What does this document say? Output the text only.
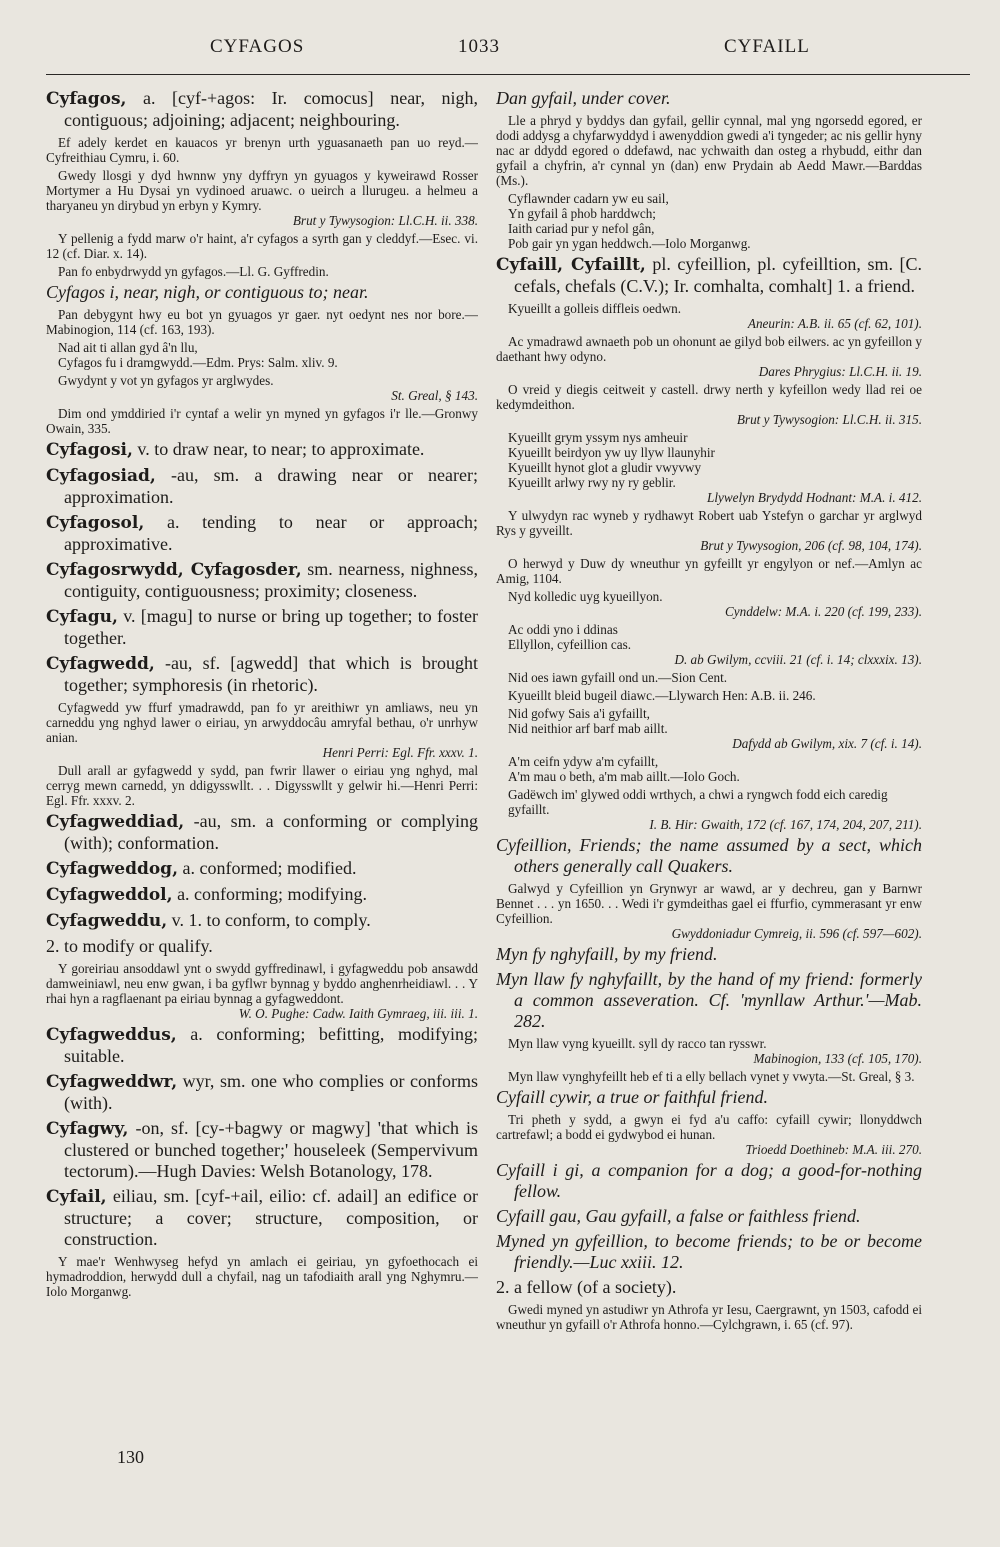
CYFAGOS	1033	CYFAILL
Cyfagos, a. [cyf-+agos: Ir. comocus] near, nigh, contiguous; adjoining; adjacent; neighbouring.
Ef adely kerdet en kauacos yr brenyn urth yguasanaeth pan uo reyd.—Cyfreithiau Cymru, i. 60.
Gwedy llosgi y dyd hwnnw yny dyffryn yn gyuagos y kyweirawd Rosser Mortymer a Hu Dysai yn vydinoed aruawc. o ueirch a llurugeu. a helmeu a tharyaneu yn dirybud yn erbyn y Kymry.
Brut y Tywysogion: Ll.C.H. ii. 338.
Y pellenig a fydd marw o'r haint, a'r cyfagos a syrth gan y cleddyf.—Esec. vi. 12 (cf. Diar. x. 14).
Pan fo enbydrwydd yn gyfagos.—Ll. G. Gyffredin.
Cyfagos i, near, nigh, or contiguous to; near.
Pan debygynt hwy eu bot yn gyuagos yr gaer. nyt oedynt nes nor bore.—Mabinogion, 114 (cf. 163, 193).
Nad ait ti allan gyd â'n llu,
Cyfagos fu i dramgwydd.—Edm. Prys: Salm. xliv. 9.
Gwydynt y vot yn gyfagos yr arglwydes.
St. Greal, § 143.
Dim ond ymddiried i'r cyntaf a welir yn myned yn gyfagos i'r lle.—Gronwy Owain, 335.
Cyfagosi, v. to draw near, to near; to approximate.
Cyfagosiad, -au, sm. a drawing near or nearer; approximation.
Cyfagosol, a. tending to near or approach; approximative.
Cyfagosrwydd, Cyfagosder, sm. nearness, nighness, contiguity, contiguousness; proximity; closeness.
Cyfagu, v. [magu] to nurse or bring up together; to foster together.
Cyfagwedd, -au, sf. [agwedd] that which is brought together; symphoresis (in rhetoric).
Cyfagwedd yw ffurf ymadrawdd, pan fo yr areithiwr yn amliaws, neu yn carneddu yng nghyd lawer o eiriau, yn arwyddocâu amryfal bethau, o'r unrhyw anian.
Henri Perri: Egl. Ffr. xxxv. 1.
Dull arall ar gyfagwedd y sydd, pan fwrir llawer o eiriau yng nghyd, mal cerryg mewn carnedd, yn ddigysswllt. . . Digysswllt y gelwir hi.—Henri Perri: Egl. Ffr. xxxv. 2.
Cyfagweddiad, -au, sm. a conforming or complying (with); conformation.
Cyfagweddog, a. conformed; modified.
Cyfagweddol, a. conforming; modifying.
Cyfagweddu, v. 1. to conform, to comply.
2. to modify or qualify.
Y goreiriau ansoddawl ynt o swydd gyffredinawl, i gyfagweddu pob ansawdd damweiniawl, neu enw gwan, i ba gyflwr bynnag y byddo anghenrheidiawl. . . Y rhai hyn a ragflaenant pa eiriau bynnag a gyfagweddont.
W. O. Pughe: Cadw. Iaith Gymraeg, iii. iii. 1.
Cyfagweddus, a. conforming; befitting, modifying; suitable.
Cyfagweddwr, wyr, sm. one who complies or conforms (with).
Cyfagwy, -on, sf. [cy-+bagwy or magwy] 'that which is clustered or bunched together;' houseleek (Sempervivum tectorum).—Hugh Davies: Welsh Botanology, 178.
Cyfail, eiliau, sm. [cyf-+ail, eilio: cf. adail] an edifice or structure; a cover; structure, composition, or construction.
Y mae'r Wenhwyseg hefyd yn amlach ei geiriau, yn gyfoethocach ei hymadroddion, herwydd dull a chyfail, nag un tafodiaith arall yng Nghymru.—Iolo Morganwg.
Dan gyfail, under cover.
Lle a phryd y byddys dan gyfail, gellir cynnal, mal yng ngorsedd egored, er dodi addysg a chyfarwyddyd i awenyddion gwedi a'i tyngeder; ac nis gellir hyny nac ar ddydd egored o ddefawd, nac ychwaith dan osteg a rhybudd, eithr dan gyfail a chyfrin, a'r cynnal yn (dan) enw Prydain ab Aedd Mawr.—Barddas (Ms.).
Cyflawnder cadarn yw eu sail,
Yn gyfail â phob harddwch;
Iaith cariad pur y nefol gân,
Pob gair yn ygan heddwch.—Iolo Morganwg.
Cyfaill, Cyfaillt, pl. cyfeillion, pl. cyfeilltion, sm. [C. cefals, chefals (C.V.); Ir. comhalta, comhalt] 1. a friend.
Kyueillt a golleis diffleis oedwn.
Aneurin: A.B. ii. 65 (cf. 62, 101).
Ac ymadrawd awnaeth pob un ohonunt ae gilyd bob eilwers. ac yn gyfeillon y daethant hwy odyno.
Dares Phrygius: Ll.C.H. ii. 19.
O vreid y diegis ceitweit y castell. drwy nerth y kyfeillon wedy llad rei oe kedymdeithon.
Brut y Tywysogion: Ll.C.H. ii. 315.
Kyueillt grym yssym nys amheuir
Kyueillt beirdyon yw uy llyw llaunyhir
Kyueillt hynot glot a gludir vwyvwy
Kyueillt arlwy rwy ny ry geblir.
Llywelyn Brydydd Hodnant: M.A. i. 412.
Y ulwydyn rac wyneb y rydhawyt Robert uab Ystefyn o garchar yr arglwyd Rys y gyveillt.
Brut y Tywysogion, 206 (cf. 98, 104, 174).
O herwyd y Duw dy wneuthur yn gyfeillt yr engylyon or nef.—Amlyn ac Amig, 1104.
Nyd kolledic uyg kyueillyon.
Cynddelw: M.A. i. 220 (cf. 199, 233).
Ac oddi yno i ddinas
Ellyllon, cyfeillion cas.
D. ab Gwilym, ccviii. 21 (cf. i. 14; clxxxix. 13).
Nid oes iawn gyfaill ond un.—Sion Cent.
Kyueillt bleid bugeil diawc.—Llywarch Hen: A.B. ii. 246.
Nid gofwy Sais a'i gyfaillt,
Nid neithior arf barf mab aillt.
Dafydd ab Gwilym, xix. 7 (cf. i. 14).
A'm ceifn ydyw a'm cyfaillt,
A'm mau o beth, a'm mab aillt.—Iolo Goch.
Gadëwch im' glywed oddi wrthych, a chwi a ryngwch fodd eich caredig gyfaillt.
I. B. Hir: Gwaith, 172 (cf. 167, 174, 204, 207, 211).
Cyfeillion, Friends; the name assumed by a sect, which others generally call Quakers.
Galwyd y Cyfeillion yn Grynwyr ar wawd, ar y dechreu, gan y Barnwr Bennet . . . yn 1650. . . Wedi i'r gymdeithas gael ei ffurfio, cymmerasant yr enw Cyfeillion.
Gwyddoniadur Cymreig, ii. 596 (cf. 597—602).
Myn fy nghyfaill, by my friend.
Myn llaw fy nghyfaillt, by the hand of my friend: formerly a common asseveration. Cf. 'mynllaw Arthur.'—Mab. 282.
Myn llaw vyng kyueillt. syll dy racco tan rysswr.
Mabinogion, 133 (cf. 105, 170).
Myn llaw vynghyfeillt heb ef ti a elly bellach vynet y vwyta.—St. Greal, § 3.
Cyfaill cywir, a true or faithful friend.
Tri pheth y sydd, a gwyn ei fyd a'u caffo: cyfaill cywir; llonyddwch cartrefawl; a bodd ei gydwybod ei hunan.
Trioedd Doethineb: M.A. iii. 270.
Cyfaill i gi, a companion for a dog; a good-for-nothing fellow.
Cyfaill gau, Gau gyfaill, a false or faithless friend.
Myned yn gyfeillion, to become friends; to be or become friendly.—Luc xxiii. 12.
2. a fellow (of a society).
Gwedi myned yn astudiwr yn Athrofa yr Iesu, Caergrawnt, yn 1503, cafodd ei wneuthur yn gyfaill o'r Athrofa honno.—Cylchgrawn, i. 65 (cf. 97).
130
